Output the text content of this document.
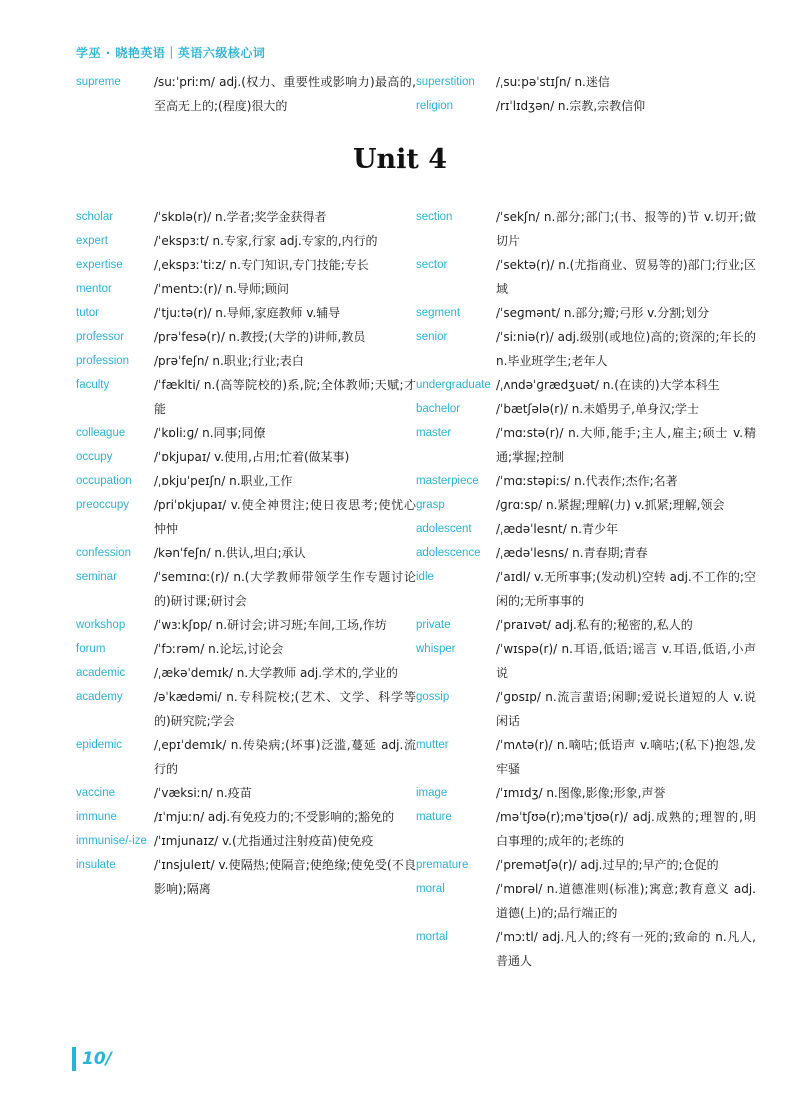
学巫 · 晓艳英语｜英语六级核心词
supreme	/suːˈpriːm/ adj.(权力、重要性或影响力)最高的,至高无上的;(程度)很大的
superstition	/ˌsuːpəˈstɪʃn/ n.迷信
religion	/rɪˈlɪdʒən/ n.宗教,宗教信仰
Unit 4
scholar	/ˈskɒlə(r)/ n.学者;奖学金获得者
expert	/ˈekspɜːt/ n.专家,行家 adj.专家的,内行的
expertise	/ˌekspɜːˈtiːz/ n.专门知识,专门技能;专长
mentor	/ˈmentɔː(r)/ n.导师;顾问
tutor	/ˈtjuːtə(r)/ n.导师,家庭教师 v.辅导
professor	/prəˈfesə(r)/ n.教授;(大学的)讲师,教员
profession	/prəˈfeʃn/ n.职业;行业;表白
faculty	/ˈfæklti/ n.(高等院校的)系,院;全体教师;天赋;才能
colleague	/ˈkɒliːɡ/ n.同事;同僚
occupy	/ˈɒkjupaɪ/ v.使用,占用;忙着(做某事)
occupation	/ˌɒkjuˈpeɪʃn/ n.职业,工作
preoccupy	/priˈɒkjupaɪ/ v.使全神贯注;使日夜思考;使忧心忡忡
confession	/kənˈfeʃn/ n.供认,坦白;承认
seminar	/ˈsemɪnɑː(r)/ n.(大学教师带领学生作专题讨论的)研讨课;研讨会
workshop	/ˈwɜːkʃɒp/ n.研讨会;讲习班;车间,工场,作坊
forum	/ˈfɔːrəm/ n.论坛,讨论会
academic	/ˌækəˈdemɪk/ n.大学教师 adj.学术的,学业的
academy	/əˈkædəmi/ n.专科院校;(艺术、文学、科学等的)研究院;学会
epidemic	/ˌepɪˈdemɪk/ n.传染病;(坏事)泛滥,蔓延 adj.流行的
vaccine	/ˈvæksiːn/ n.疫苗
immune	/ɪˈmjuːn/ adj.有免疫力的;不受影响的;豁免的
immunise/-ize /ˈɪmjunaɪz/ v.(尤指通过注射疫苗)使免疫
insulate	/ˈɪnsjuleɪt/ v.使隔热;使隔音;使绝缘;使免受(不良影响);隔离
section	/ˈsekʃn/ n.部分;部门;(书、报等的)节 v.切开;做切片
sector	/ˈsektə(r)/ n.(尤指商业、贸易等的)部门;行业;区域
segment	/ˈseɡmənt/ n.部分;瓣;弓形 v.分割;划分
senior	/ˈsiːniə(r)/ adj.级别(或地位)高的;资深的;年长的 n.毕业班学生;老年人
undergraduate /ˌʌndəˈɡrædʒuət/ n.(在读的)大学本科生
bachelor	/ˈbætʃələ(r)/ n.未婚男子,单身汉;学士
master	/ˈmɑːstə(r)/ n.大师,能手;主人,雇主;硕士 v.精通;掌握;控制
masterpiece	/ˈmɑːstəpiːs/ n.代表作;杰作;名著
grasp	/ɡrɑːsp/ n.紧握;理解(力) v.抓紧;理解,领会
adolescent	/ˌædəˈlesnt/ n.青少年
adolescence	/ˌædəˈlesns/ n.青春期;青春
idle	/ˈaɪdl/ v.无所事事;(发动机)空转 adj.不工作的;空闲的;无所事事的
private	/ˈpraɪvət/ adj.私有的;秘密的,私人的
whisper	/ˈwɪspə(r)/ n.耳语,低语;谣言 v.耳语,低语,小声说
gossip	/ˈɡɒsɪp/ n.流言蜚语;闲聊;爱说长道短的人 v.说闲话
mutter	/ˈmʌtə(r)/ n.嘀咕;低语声 v.嘀咕;(私下)抱怨,发牢骚
image	/ˈɪmɪdʒ/ n.图像,影像;形象,声誉
mature	/məˈtʃʊə(r);məˈtjʊə(r)/ adj.成熟的;理智的,明白事理的;成年的;老练的
premature	/ˈpremətʃə(r)/ adj.过早的;早产的;仓促的
moral	/ˈmɒrəl/ n.道德准则(标准);寓意;教育意义 adj.道德(上)的;品行端正的
mortal	/ˈmɔːtl/ adj.凡人的;终有一死的;致命的 n.凡人,普通人
10/
